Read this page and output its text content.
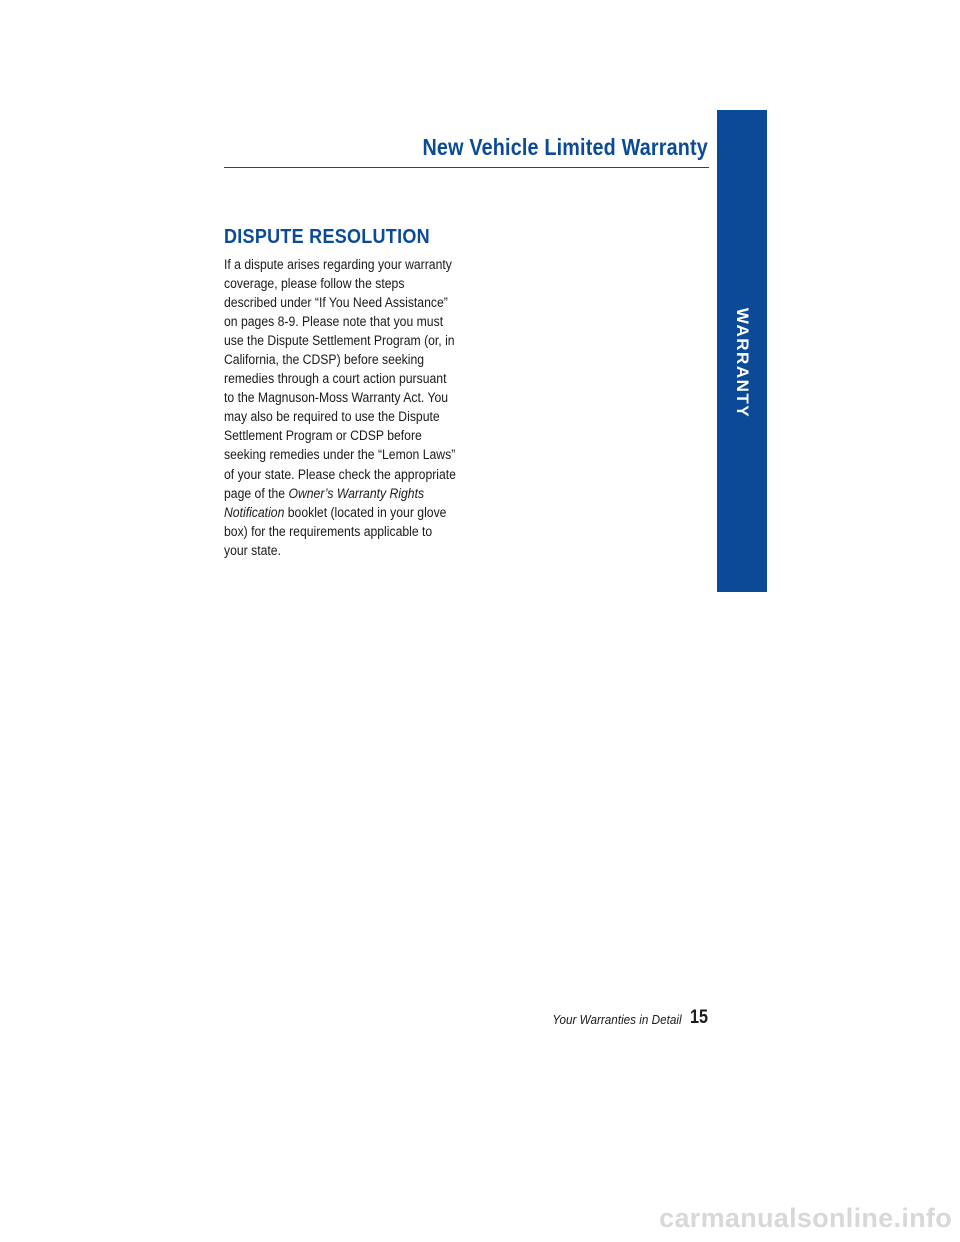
New Vehicle Limited Warranty
WARRANTY
DISPUTE RESOLUTION
If a dispute arises regarding your warranty
coverage, please follow the steps
described under “If You Need Assistance”
on pages 8-9. Please note that you must
use the Dispute Settlement Program (or, in
California, the CDSP) before seeking
remedies through a court action pursuant
to the Magnuson-Moss Warranty Act. You
may also be required to use the Dispute
Settlement Program or CDSP before
seeking remedies under the “Lemon Laws”
of your state. Please check the appropriate
page of the Owner’s Warranty Rights
Notification booklet (located in your glove
box) for the requirements applicable to
your state.
Your Warranties in Detail 15
carmanualsonline.info
